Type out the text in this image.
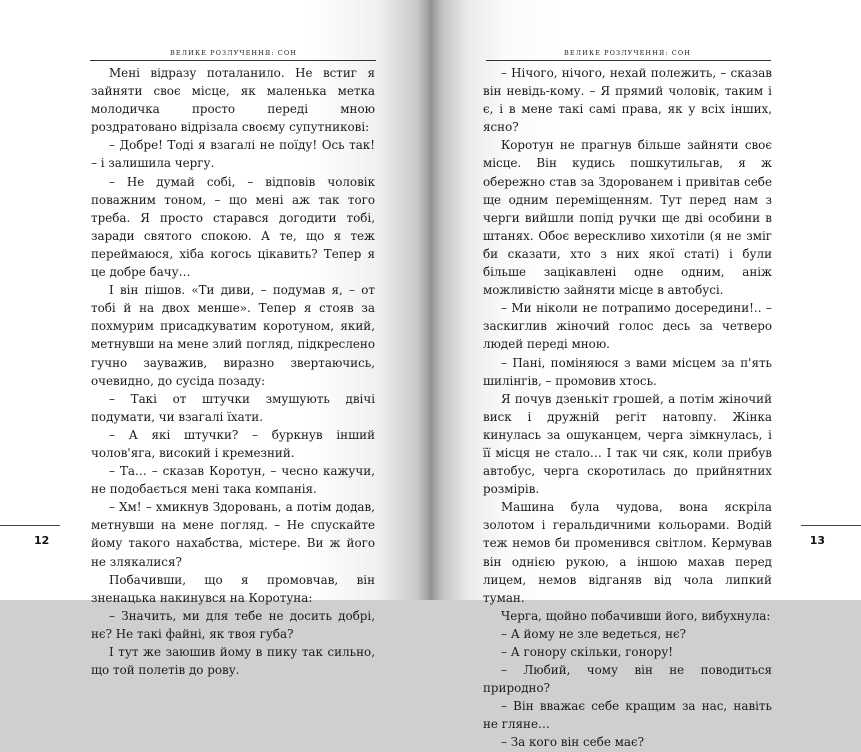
ВЕЛИКЕ РОЗЛУЧЕННЯ: СОН

Мені відразу поталанило. Не встиг я зайняти своє місце, як маленька метка молодичка просто переді мною роздратовано відрізала своєму супутникові:

– Добре! Тоді я взагалі не поїду! Ось так! – і залишила чергу.

– Не думай собі, – відповів чоловік поважним тоном, – що мені аж так того треба. Я просто старався догодити тобі, заради святого спокою. А те, що я теж переймаюся, хіба когось цікавить? Тепер я це добре бачу…

І він пішов. «Ти диви, – подумав я, – от тобі й на двох менше». Тепер я стояв за похмурим присадкуватим коротуном, який, метнувши на мене злий погляд, підкреслено гучно зауважив, виразно звертаючись, очевидно, до сусіда позаду:

– Такі от штучки змушують двічі подумати, чи взагалі їхати.

– А які штучки? – буркнув інший чолов'яга, високий і кремезний.

– Та… – сказав Коротун, – чесно кажучи, не подобається мені така компанія.

– Хм! – хмикнув Здоровань, а потім додав, метнувши на мене погляд. – Не спускайте йому такого нахабства, містере. Ви ж його не злякалися?

Побачивши, що я промовчав, він зненацька накинувся на Коротуна:

– Значить, ми для тебе не досить добрі, нє? Не такі файні, як твоя губа?

І тут же заюшив йому в пику так сильно, що той полетів до рову.

12
ВЕЛИКЕ РОЗЛУЧЕННЯ: СОН

– Нічого, нічого, нехай полежить, – сказав він невідь-кому. – Я прямий чоловік, таким і є, і в мене такі самі права, як у всіх інших, ясно?

Коротун не прагнув більше зайняти своє місце. Він кудись пошкутильгав, я ж обережно став за Здорованем і привітав себе ще одним переміщенням. Тут перед нам з черги вийшли попід ручки ще дві особини в штанях. Обоє верескливо хихотіли (я не зміг би сказати, хто з них якої статі) і були більше зацікавлені одне одним, аніж можливістю зайняти місце в автобусі.

– Ми ніколи не потрапимо досередини!.. – заскиглив жіночий голос десь за четверо людей переді мною.

– Пані, поміняюся з вами місцем за п'ять шилінгів, – промовив хтось.

Я почув дзенькіт грошей, а потім жіночий виск і дружній регіт натовпу. Жінка кинулась за ошуканцем, черга зімкнулась, і її місця не стало… І так чи сяк, коли прибув автобус, черга скоротилась до прийнятних розмірів.

Машина була чудова, вона яскріла золотом і геральдичними кольорами. Водій теж немов би променився світлом. Кермував він однією рукою, а іншою махав перед лицем, немов відганяв від чола липкий туман.

Черга, щойно побачивши його, вибухнула:

– А йому не зле ведеться, нє?

– А гонору скільки, гонору!

– Любий, чому він не поводиться природно?

– Він вважає себе кращим за нас, навіть не гляне…

– За кого він себе має?

13
